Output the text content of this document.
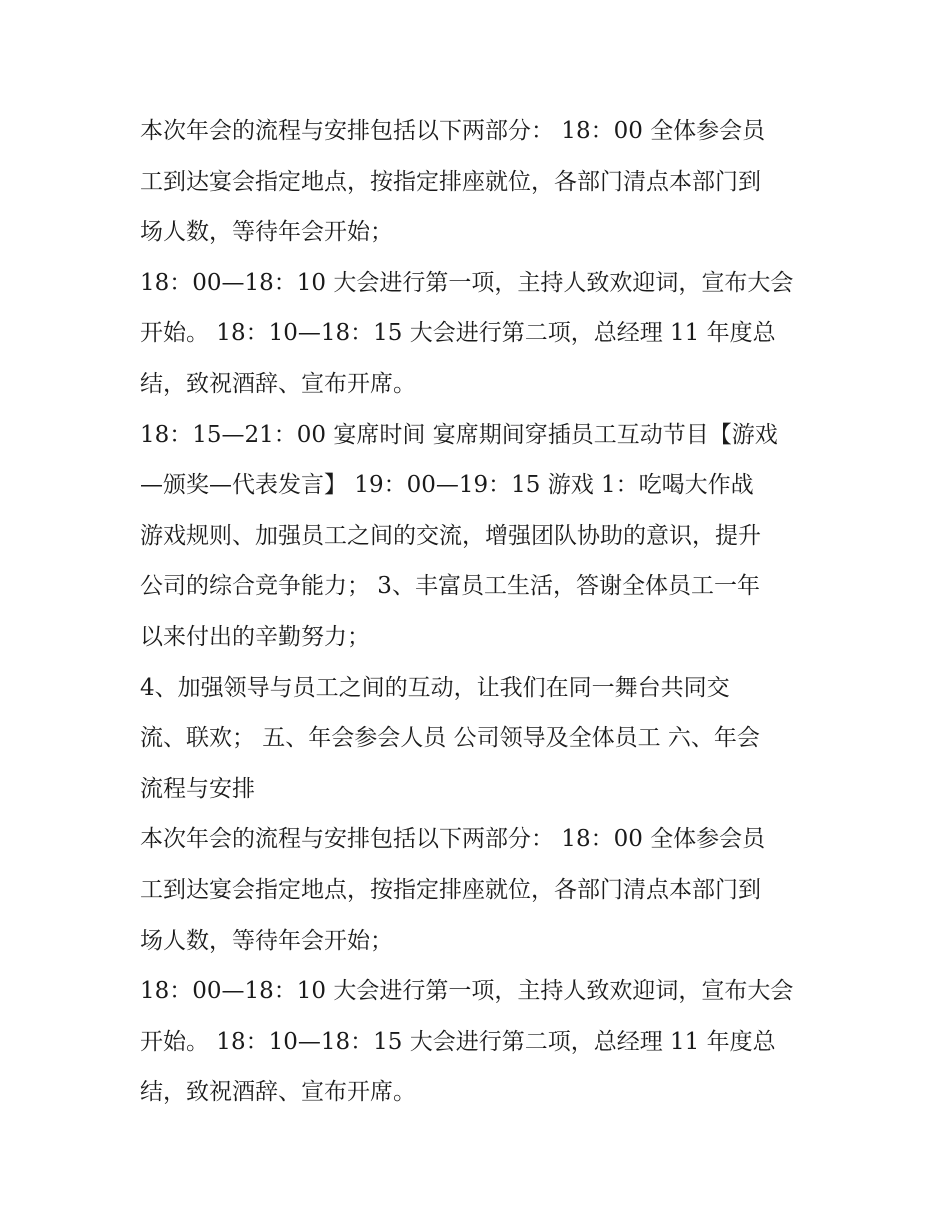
本次年会的流程与安排包括以下两部分： 18：00 全体参会员
工到达宴会指定地点，按指定排座就位，各部门清点本部门到
场人数，等待年会开始；
18：00—18：10 大会进行第一项，主持人致欢迎词，宣布大会
开始。 18：10—18：15 大会进行第二项，总经理 11 年度总
结，致祝酒辞、宣布开席。
18：15—21：00 宴席时间 宴席期间穿插员工互动节目【游戏
—颁奖—代表发言】 19：00—19：15 游戏 1：吃喝大作战
游戏规则、加强员工之间的交流，增强团队协助的意识，提升
公司的综合竞争能力； 3、丰富员工生活，答谢全体员工一年
以来付出的辛勤努力；
4、加强领导与员工之间的互动，让我们在同一舞台共同交
流、联欢； 五、年会参会人员 公司领导及全体员工 六、年会
流程与安排
本次年会的流程与安排包括以下两部分： 18：00 全体参会员
工到达宴会指定地点，按指定排座就位，各部门清点本部门到
场人数，等待年会开始；
18：00—18：10 大会进行第一项，主持人致欢迎词，宣布大会
开始。 18：10—18：15 大会进行第二项，总经理 11 年度总
结，致祝酒辞、宣布开席。
